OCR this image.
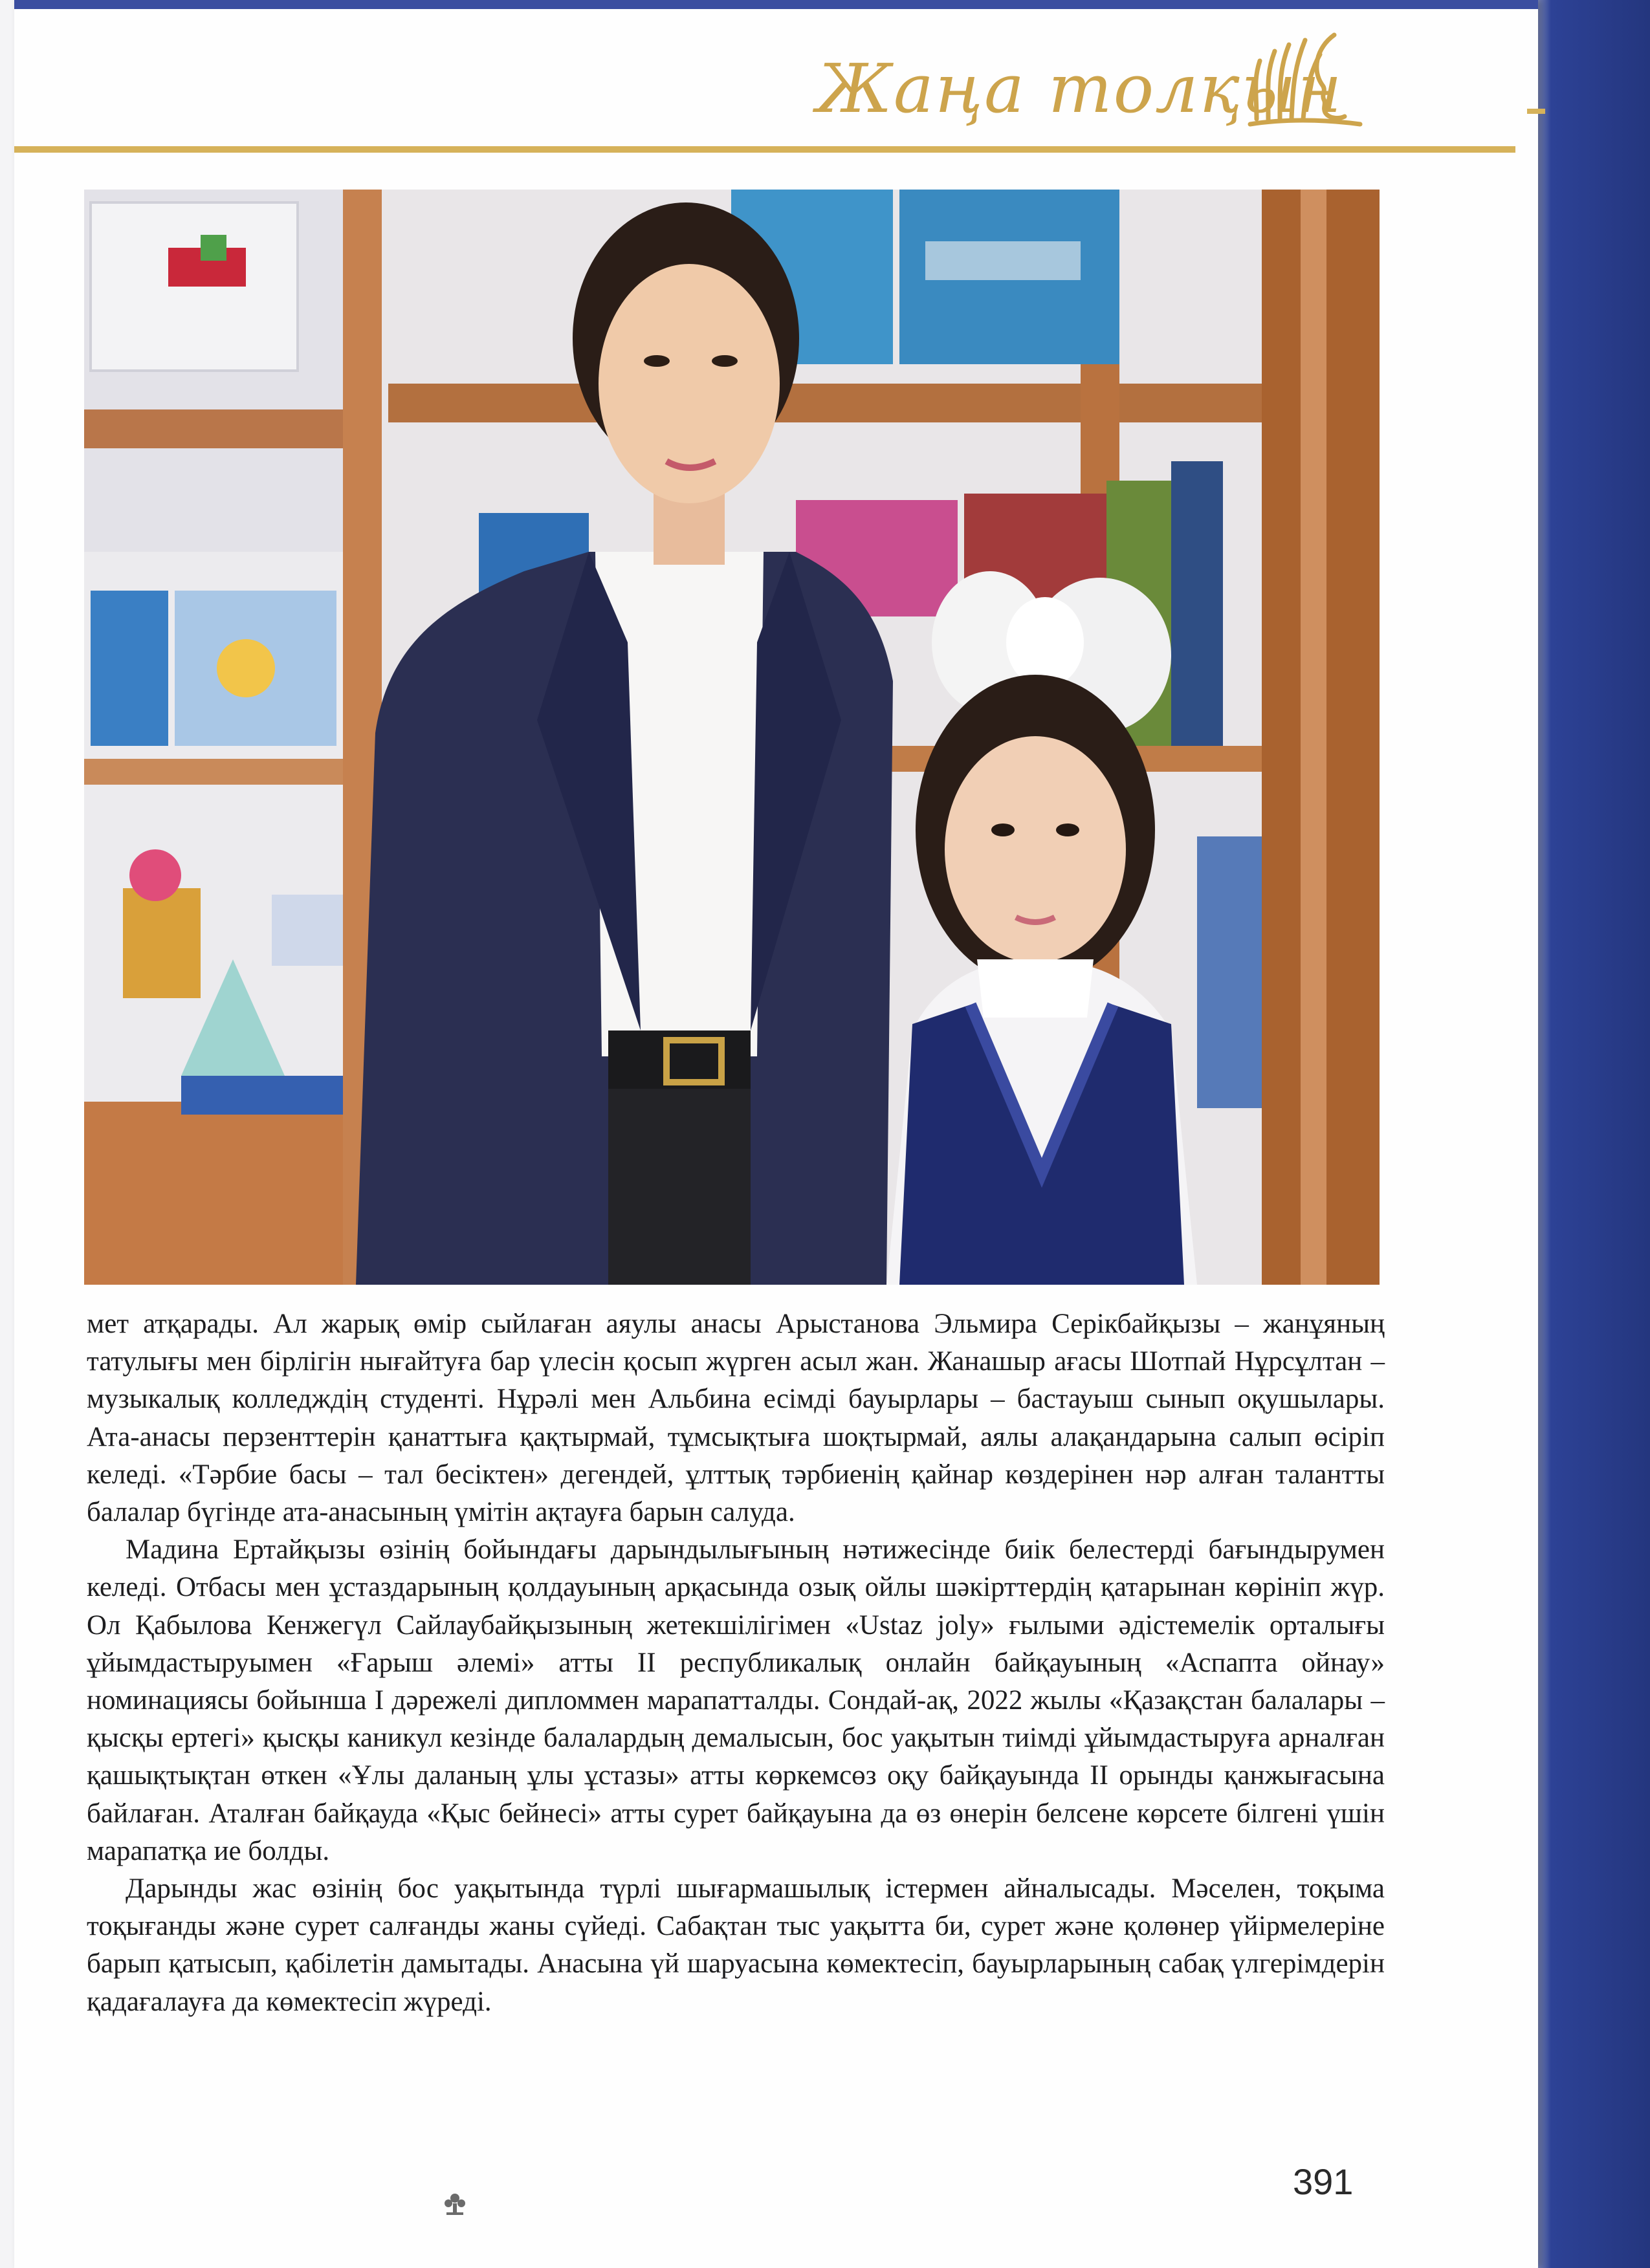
Жаңа толқын

мет атқарады. Ал жарық өмір сыйлаған аяулы анасы Арыстанова Эльмира Серікбайқызы – жанұяның татулығы мен бірлігін нығайтуға бар үлесін қосып жүрген асыл жан. Жанашыр ағасы Шотпай Нұрсұлтан – музыкалық колледждің студенті. Нұрәлі мен Альбина есімді бауырлары – бастауыш сынып оқушылары. Ата-анасы перзенттерін қанаттыға қақтырмай, тұмсықтыға шоқтырмай, аялы алақандарына салып өсіріп келеді. «Тәрбие басы – тал бесіктен» дегендей, ұлттық тәрбиенің қайнар көздерінен нәр алған талантты балалар бүгінде ата-анасының үмітін ақтауға барын салуда.

Мадина Ертайқызы өзінің бойындағы дарындылығының нәтижесінде биік белестерді бағындырумен келеді. Отбасы мен ұстаздарының қолдауының арқасында озық ойлы шәкірттердің қатарынан көрініп жүр. Ол Қабылова Кенжегүл Сайлаубайқызының жетекшілігімен «Ustaz joly» ғылыми әдістемелік орталығы ұйымдастыруымен «Ғарыш әлемі» атты ІІ республикалық онлайн байқауының «Аспапта ойнау» номинациясы бойынша І дәрежелі дипломмен марапатталды. Сондай-ақ, 2022 жылы «Қазақстан балалары – қысқы ертегі» қысқы каникул кезінде балалардың демалысын, бос уақытын тиімді ұйымдастыруға арналған қашықтықтан өткен «Ұлы даланың ұлы ұстазы» атты көркемсөз оқу байқауында ІІ орынды қанжығасына байлаған. Аталған байқауда «Қыс бейнесі» атты сурет байқауына да өз өнерін белсене көрсете білгені үшін марапатқа ие болды.

Дарынды жас өзінің бос уақытында түрлі шығармашылық істермен айналысады. Мәселен, тоқыма тоқығанды және сурет салғанды жаны сүйеді. Сабақтан тыс уақытта би, сурет және қолөнер үйірмелеріне барып қатысып, қабілетін дамытады. Анасына үй шаруасына көмектесіп, бауырларының сабақ үлгерімдерін қадағалауға да көмектесіп жүреді.

391
